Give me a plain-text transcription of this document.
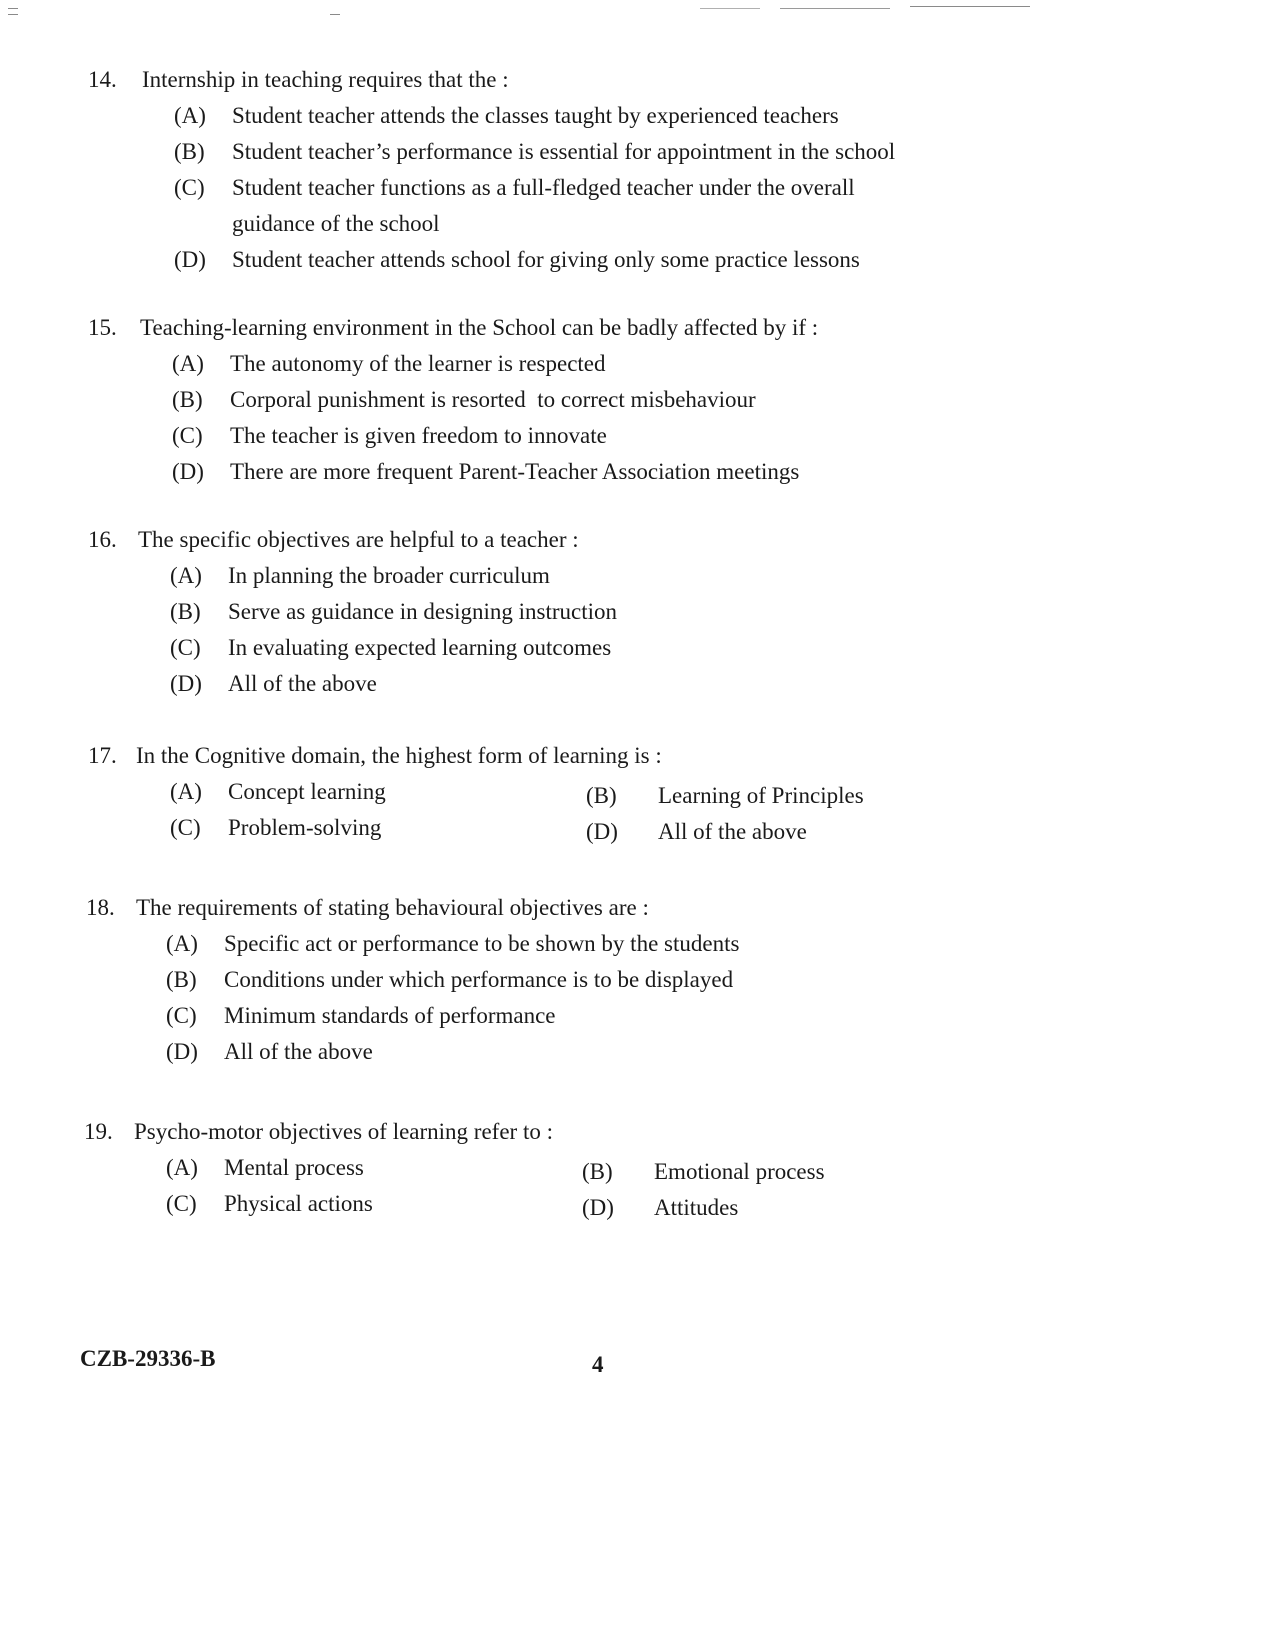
14. Internship in teaching requires that the :
(A) Student teacher attends the classes taught by experienced teachers
(B) Student teacher’s performance is essential for appointment in the school
(C) Student teacher functions as a full-fledged teacher under the overall guidance of the school
(D) Student teacher attends school for giving only some practice lessons
15. Teaching-learning environment in the School can be badly affected by if :
(A) The autonomy of the learner is respected
(B) Corporal punishment is resorted  to correct misbehaviour
(C) The teacher is given freedom to innovate
(D) There are more frequent Parent-Teacher Association meetings
16. The specific objectives are helpful to a teacher :
(A) In planning the broader curriculum
(B) Serve as guidance in designing instruction
(C) In evaluating expected learning outcomes
(D) All of the above
17. In the Cognitive domain, the highest form of learning is :
(A) Concept learning	(B) Learning of Principles
(C) Problem-solving	(D) All of the above
18. The requirements of stating behavioural objectives are :
(A) Specific act or performance to be shown by the students
(B) Conditions under which performance is to be displayed
(C) Minimum standards of performance
(D) All of the above
19. Psycho-motor objectives of learning refer to :
(A) Mental process	(B) Emotional process
(C) Physical actions	(D) Attitudes
CZB-29336-B	4
